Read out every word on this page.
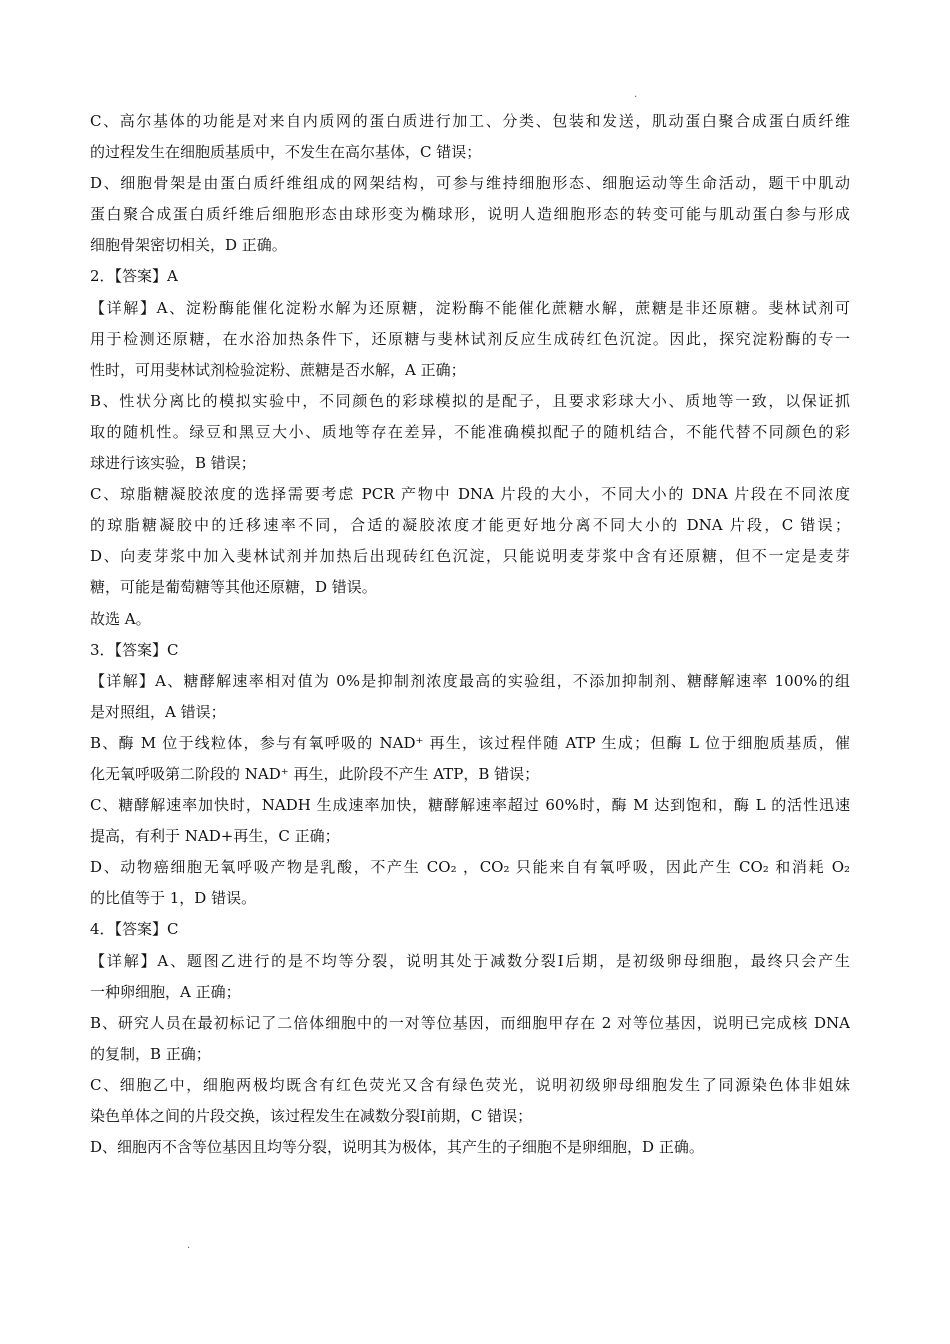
.
C、高尔基体的功能是对来自内质网的蛋白质进行加工、分类、包装和发送，肌动蛋白聚合成蛋白质纤维
的过程发生在细胞质基质中，不发生在高尔基体，C 错误；
D、细胞骨架是由蛋白质纤维组成的网架结构，可参与维持细胞形态、细胞运动等生命活动，题干中肌动
蛋白聚合成蛋白质纤维后细胞形态由球形变为椭球形，说明人造细胞形态的转变可能与肌动蛋白参与形成
细胞骨架密切相关，D 正确。
2．【答案】A
【详解】A、淀粉酶能催化淀粉水解为还原糖，淀粉酶不能催化蔗糖水解，蔗糖是非还原糖。斐林试剂可
用于检测还原糖，在水浴加热条件下，还原糖与斐林试剂反应生成砖红色沉淀。因此，探究淀粉酶的专一
性时，可用斐林试剂检验淀粉、蔗糖是否水解，A 正确；
B、性状分离比的模拟实验中，不同颜色的彩球模拟的是配子，且要求彩球大小、质地等一致，以保证抓
取的随机性。绿豆和黑豆大小、质地等存在差异，不能准确模拟配子的随机结合，不能代替不同颜色的彩
球进行该实验，B 错误；
C、琼脂糖凝胶浓度的选择需要考虑 PCR 产物中 DNA 片段的大小，不同大小的 DNA 片段在不同浓度
的琼脂糖凝胶中的迁移速率不同，合适的凝胶浓度才能更好地分离不同大小的 DNA 片段，C 错误；
D、向麦芽浆中加入斐林试剂并加热后出现砖红色沉淀，只能说明麦芽浆中含有还原糖，但不一定是麦芽
糖，可能是葡萄糖等其他还原糖，D 错误。
故选 A。
3．【答案】C
【详解】A、糖酵解速率相对值为 0%是抑制剂浓度最高的实验组，不添加抑制剂、糖酵解速率 100%的组
是对照组，A 错误；
B、酶 M 位于线粒体，参与有氧呼吸的 NAD⁺ 再生，该过程伴随 ATP 生成；但酶 L 位于细胞质基质，催
化无氧呼吸第二阶段的 NAD⁺ 再生，此阶段不产生 ATP，B 错误；
C、糖酵解速率加快时，NADH 生成速率加快，糖酵解速率超过 60%时，酶 M 达到饱和，酶 L 的活性迅速
提高，有利于 NAD+再生，C 正确；
D、动物癌细胞无氧呼吸产物是乳酸，不产生 CO₂ ，CO₂ 只能来自有氧呼吸，因此产生 CO₂ 和消耗 O₂
的比值等于 1，D 错误。
4．【答案】C
【详解】A、题图乙进行的是不均等分裂，说明其处于减数分裂Ⅰ后期，是初级卵母细胞，最终只会产生
一种卵细胞，A 正确；
B、研究人员在最初标记了二倍体细胞中的一对等位基因，而细胞甲存在 2 对等位基因，说明已完成核 DNA
的复制，B 正确；
C、细胞乙中，细胞两极均既含有红色荧光又含有绿色荧光，说明初级卵母细胞发生了同源染色体非姐妹
染色单体之间的片段交换，该过程发生在减数分裂Ⅰ前期，C 错误；
D、细胞丙不含等位基因且均等分裂，说明其为极体，其产生的子细胞不是卵细胞，D 正确。
.
